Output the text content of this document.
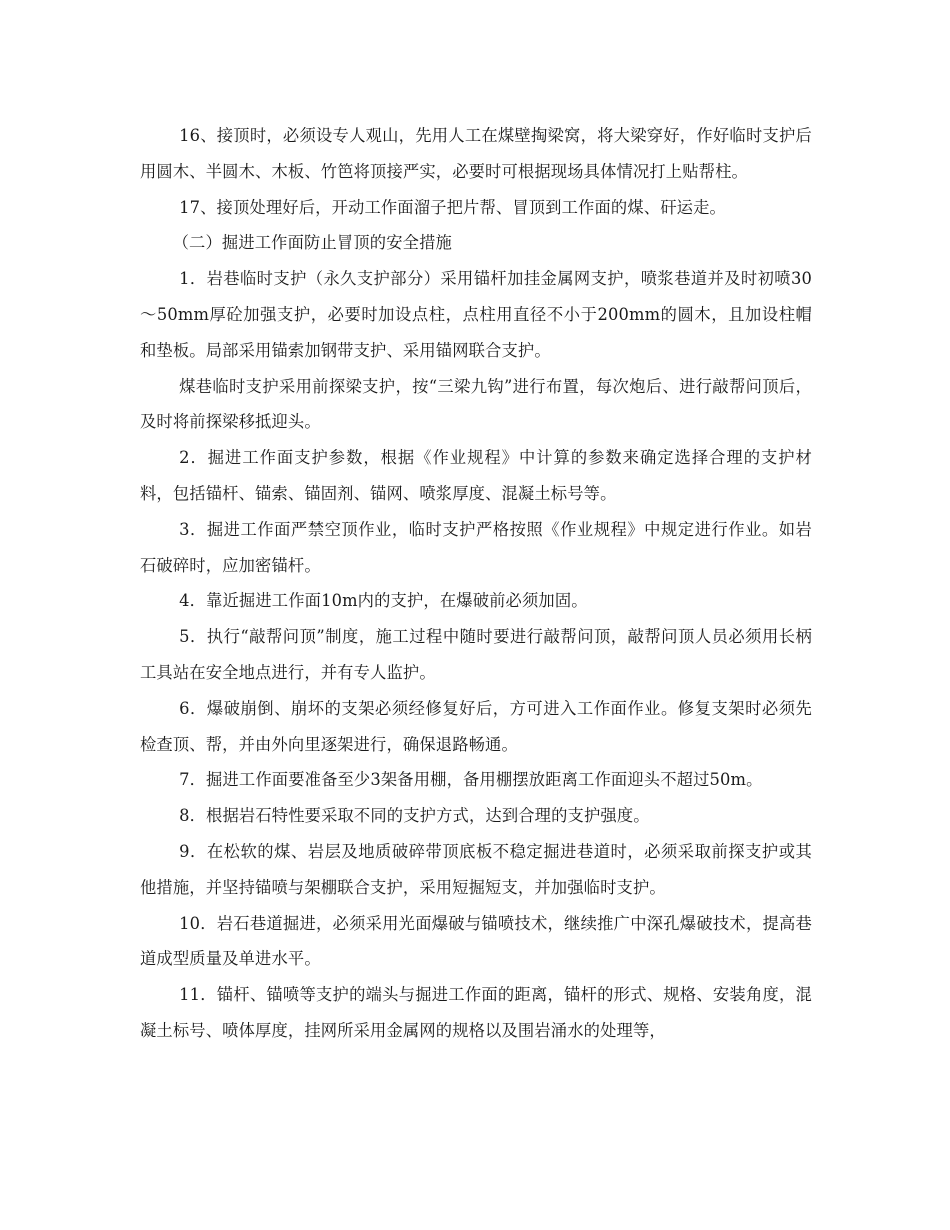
16、接顶时，必须设专人观山，先用人工在煤壁掏梁窝，将大梁穿好，作好临时支护后用圆木、半圆木、木板、竹笆将顶接严实，必要时可根据现场具体情况打上贴帮柱。

17、接顶处理好后，开动工作面溜子把片帮、冒顶到工作面的煤、矸运走。

（二）掘进工作面防止冒顶的安全措施

1．岩巷临时支护（永久支护部分）采用锚杆加挂金属网支护，喷浆巷道并及时初喷30～50mm厚砼加强支护，必要时加设点柱，点柱用直径不小于200mm的圆木，且加设柱帽和垫板。局部采用锚索加钢带支护、采用锚网联合支护。

煤巷临时支护采用前探梁支护，按“三梁九钩”进行布置，每次炮后、进行敲帮问顶后，及时将前探梁移抵迎头。

2．掘进工作面支护参数，根据《作业规程》中计算的参数来确定选择合理的支护材料，包括锚杆、锚索、锚固剂、锚网、喷浆厚度、混凝土标号等。

3．掘进工作面严禁空顶作业，临时支护严格按照《作业规程》中规定进行作业。如岩石破碎时，应加密锚杆。

4．靠近掘进工作面10m内的支护，在爆破前必须加固。

5．执行“敲帮问顶”制度，施工过程中随时要进行敲帮问顶，敲帮问顶人员必须用长柄工具站在安全地点进行，并有专人监护。

6．爆破崩倒、崩坏的支架必须经修复好后，方可进入工作面作业。修复支架时必须先检查顶、帮，并由外向里逐架进行，确保退路畅通。

7．掘进工作面要准备至少3架备用棚，备用棚摆放距离工作面迎头不超过50m。

8．根据岩石特性要采取不同的支护方式，达到合理的支护强度。

9．在松软的煤、岩层及地质破碎带顶底板不稳定掘进巷道时，必须采取前探支护或其他措施，并坚持锚喷与架棚联合支护，采用短掘短支，并加强临时支护。

10．岩石巷道掘进，必须采用光面爆破与锚喷技术，继续推广中深孔爆破技术，提高巷道成型质量及单进水平。

11．锚杆、锚喷等支护的端头与掘进工作面的距离，锚杆的形式、规格、安装角度，混凝土标号、喷体厚度，挂网所采用金属网的规格以及围岩涌水的处理等，
